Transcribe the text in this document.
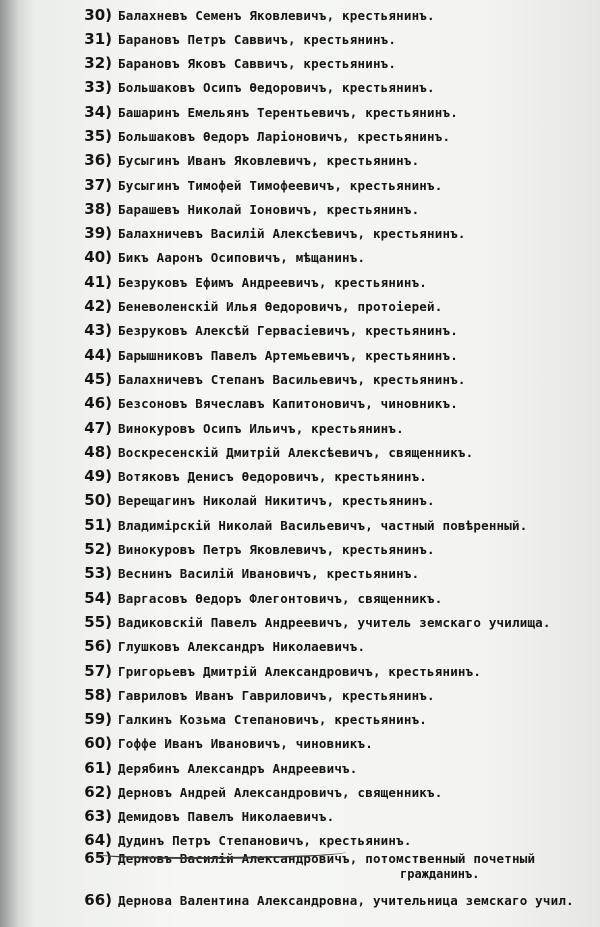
30) Балахневъ Семенъ Яковлевичъ, крестьянинъ.
31) Барановъ Петръ Саввичъ, крестьянинъ.
32) Барановъ Яковъ Саввичъ, крестьянинъ.
33) Большаковъ Осипъ Өедоровичъ, крестьянинъ.
34) Башаринъ Емельянъ Терентьевичъ, крестьянинъ.
35) Большаковъ Өедоръ Ларіоновичъ, крестьянинъ.
36) Бусыгинъ Иванъ Яковлевичъ, крестьянинъ.
37) Бусыгинъ Тимофей Тимофеевичъ, крестьянинъ.
38) Барашевъ Николай Іоновичъ, крестьянинъ.
39) Балахничевъ Василій Алексѣевичъ, крестьянинъ.
40) Бикъ Ааронъ Осиповичъ, мѣщанинъ.
41) Безруковъ Ефимъ Андреевичъ, крестьянинъ.
42) Беневоленскій Илья Өедоровичъ, протоіерей.
43) Безруковъ Алексѣй Гервасіевичъ, крестьянинъ.
44) Барышниковъ Павелъ Артемьевичъ, крестьянинъ.
45) Балахничевъ Степанъ Васильевичъ, крестьянинъ.
46) Безсоновъ Вячеславъ Капитоновичъ, чиновникъ.
47) Винокуровъ Осипъ Ильичъ, крестьянинъ.
48) Воскресенскій Дмитрій Алексѣевичъ, священникъ.
49) Вотяковъ Денисъ Өедоровичъ, крестьянинъ.
50) Верещагинъ Николай Никитичъ, крестьянинъ.
51) Владимірскій Николай Васильевичъ, частный повѣренный.
52) Винокуровъ Петръ Яковлевичъ, крестьянинъ.
53) Веснинъ Василій Ивановичъ, крестьянинъ.
54) Варгасовъ Өедоръ Флегонтовичъ, священникъ.
55) Вадиковскій Павелъ Андреевичъ, учитель земскаго училища.
56) Глушковъ Александръ Николаевичъ.
57) Григорьевъ Дмитрій Александровичъ, крестьянинъ.
58) Гавриловъ Иванъ Гавриловичъ, крестьянинъ.
59) Галкинъ Козьма Степановичъ, крестьянинъ.
60) Гоффе Иванъ Ивановичъ, чиновникъ.
61) Дерябинъ Александръ Андреевичъ.
62) Дерновъ Андрей Александровичъ, священникъ.
63) Демидовъ Павелъ Николаевичъ.
64) Дудинъ Петръ Степановичъ, крестьянинъ.
65) Дерновъ Василій Александровичъ, потомственный почетный
гражданинъ.
66) Дернова Валентина Александровна, учительница земскаго учил.
